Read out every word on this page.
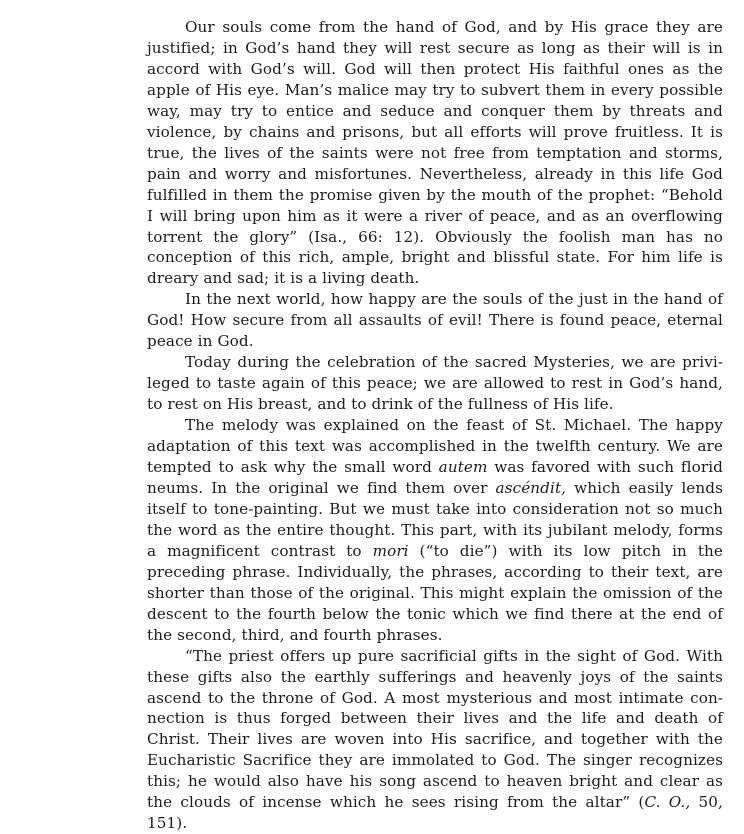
Our souls come from the hand of God, and by His grace they are justified; in God’s hand they will rest secure as long as their will is in accord with God’s will. God will then protect His faithful ones as the apple of His eye. Man’s malice may try to subvert them in every possible way, may try to entice and seduce and conquer them by threats and violence, by chains and prisons, but all efforts will prove fruitless. It is true, the lives of the saints were not free from temptation and storms, pain and worry and misfortunes. Nevertheless, already in this life God fulfilled in them the promise given by the mouth of the prophet: “Behold I will bring upon him as it were a river of peace, and as an overflowing torrent the glory” (Isa., 66: 12). Obviously the foolish man has no conception of this rich, ample, bright and blissful state. For him life is dreary and sad; it is a living death.

In the next world, how happy are the souls of the just in the hand of God! How secure from all assaults of evil! There is found peace, eternal peace in God.

Today during the celebration of the sacred Mysteries, we are privileged to taste again of this peace; we are allowed to rest in God’s hand, to rest on His breast, and to drink of the fullness of His life.

The melody was explained on the feast of St. Michael. The happy adaptation of this text was accomplished in the twelfth century. We are tempted to ask why the small word autem was favored with such florid neums. In the original we find them over ascéndit, which easily lends itself to tone-painting. But we must take into consideration not so much the word as the entire thought. This part, with its jubilant melody, forms a magnificent contrast to mori (“to die”) with its low pitch in the preceding phrase. Individually, the phrases, according to their text, are shorter than those of the original. This might explain the omission of the descent to the fourth below the tonic which we find there at the end of the second, third, and fourth phrases.

“The priest offers up pure sacrificial gifts in the sight of God. With these gifts also the earthly sufferings and heavenly joys of the saints ascend to the throne of God. A most mysterious and most intimate connection is thus forged between their lives and the life and death of Christ. Their lives are woven into His sacrifice, and together with the Eucharistic Sacrifice they are immolated to God. The singer recognizes this; he would also have his song ascend to heaven bright and clear as the clouds of incense which he sees rising from the altar” (C. O., 50, 151).
